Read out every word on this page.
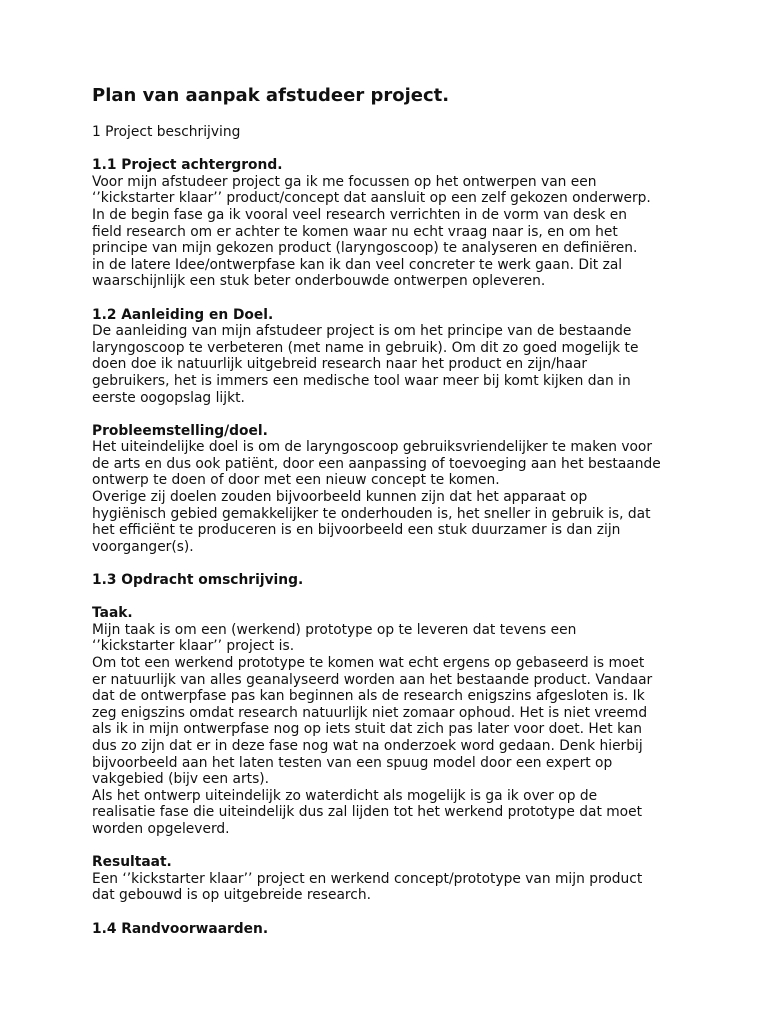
Plan van aanpak afstudeer project.
1 Project beschrijving
1.1 Project achtergrond.
Voor mijn afstudeer project ga ik me focussen op het ontwerpen van een
‘’kickstarter klaar’’ product/concept dat aansluit op een zelf gekozen onderwerp.
In de begin fase ga ik vooral veel research verrichten in de vorm van desk en
field research om er achter te komen waar nu echt vraag naar is, en om het
principe van mijn gekozen product (laryngoscoop) te analyseren en definiëren.
in de latere Idee/ontwerpfase kan ik dan veel concreter te werk gaan. Dit zal
waarschijnlijk een stuk beter onderbouwde ontwerpen opleveren.
1.2 Aanleiding en Doel.
De aanleiding van mijn afstudeer project is om het principe van de bestaande
laryngoscoop te verbeteren (met name in gebruik). Om dit zo goed mogelijk te
doen doe ik natuurlijk uitgebreid research naar het product en zijn/haar
gebruikers, het is immers een medische tool waar meer bij komt kijken dan in
eerste oogopslag lijkt.
Probleemstelling/doel.
Het uiteindelijke doel is om de laryngoscoop gebruiksvriendelijker te maken voor
de arts en dus ook patiënt, door een aanpassing of toevoeging aan het bestaande
ontwerp te doen of door met een nieuw concept te komen.
Overige zij doelen zouden bijvoorbeeld kunnen zijn dat het apparaat op
hygiënisch gebied gemakkelijker te onderhouden is, het sneller in gebruik is, dat
het efficiënt te produceren is en bijvoorbeeld een stuk duurzamer is dan zijn
voorganger(s).
1.3 Opdracht omschrijving.
Taak.
Mijn taak is om een (werkend) prototype op te leveren dat tevens een
‘’kickstarter klaar’’ project is.
Om tot een werkend prototype te komen wat echt ergens op gebaseerd is moet
er natuurlijk van alles geanalyseerd worden aan het bestaande product. Vandaar
dat de ontwerpfase pas kan beginnen als de research enigszins afgesloten is. Ik
zeg enigszins omdat research natuurlijk niet zomaar ophoud. Het is niet vreemd
als ik in mijn ontwerpfase nog op iets stuit dat zich pas later voor doet. Het kan
dus zo zijn dat er in deze fase nog wat na onderzoek word gedaan. Denk hierbij
bijvoorbeeld aan het laten testen van een spuug model door een expert op
vakgebied (bijv een arts).
Als het ontwerp uiteindelijk zo waterdicht als mogelijk is ga ik over op de
realisatie fase die uiteindelijk dus zal lijden tot het werkend prototype dat moet
worden opgeleverd.
Resultaat.
Een ‘’kickstarter klaar’’ project en werkend concept/prototype van mijn product
dat gebouwd is op uitgebreide research.
1.4 Randvoorwaarden.
